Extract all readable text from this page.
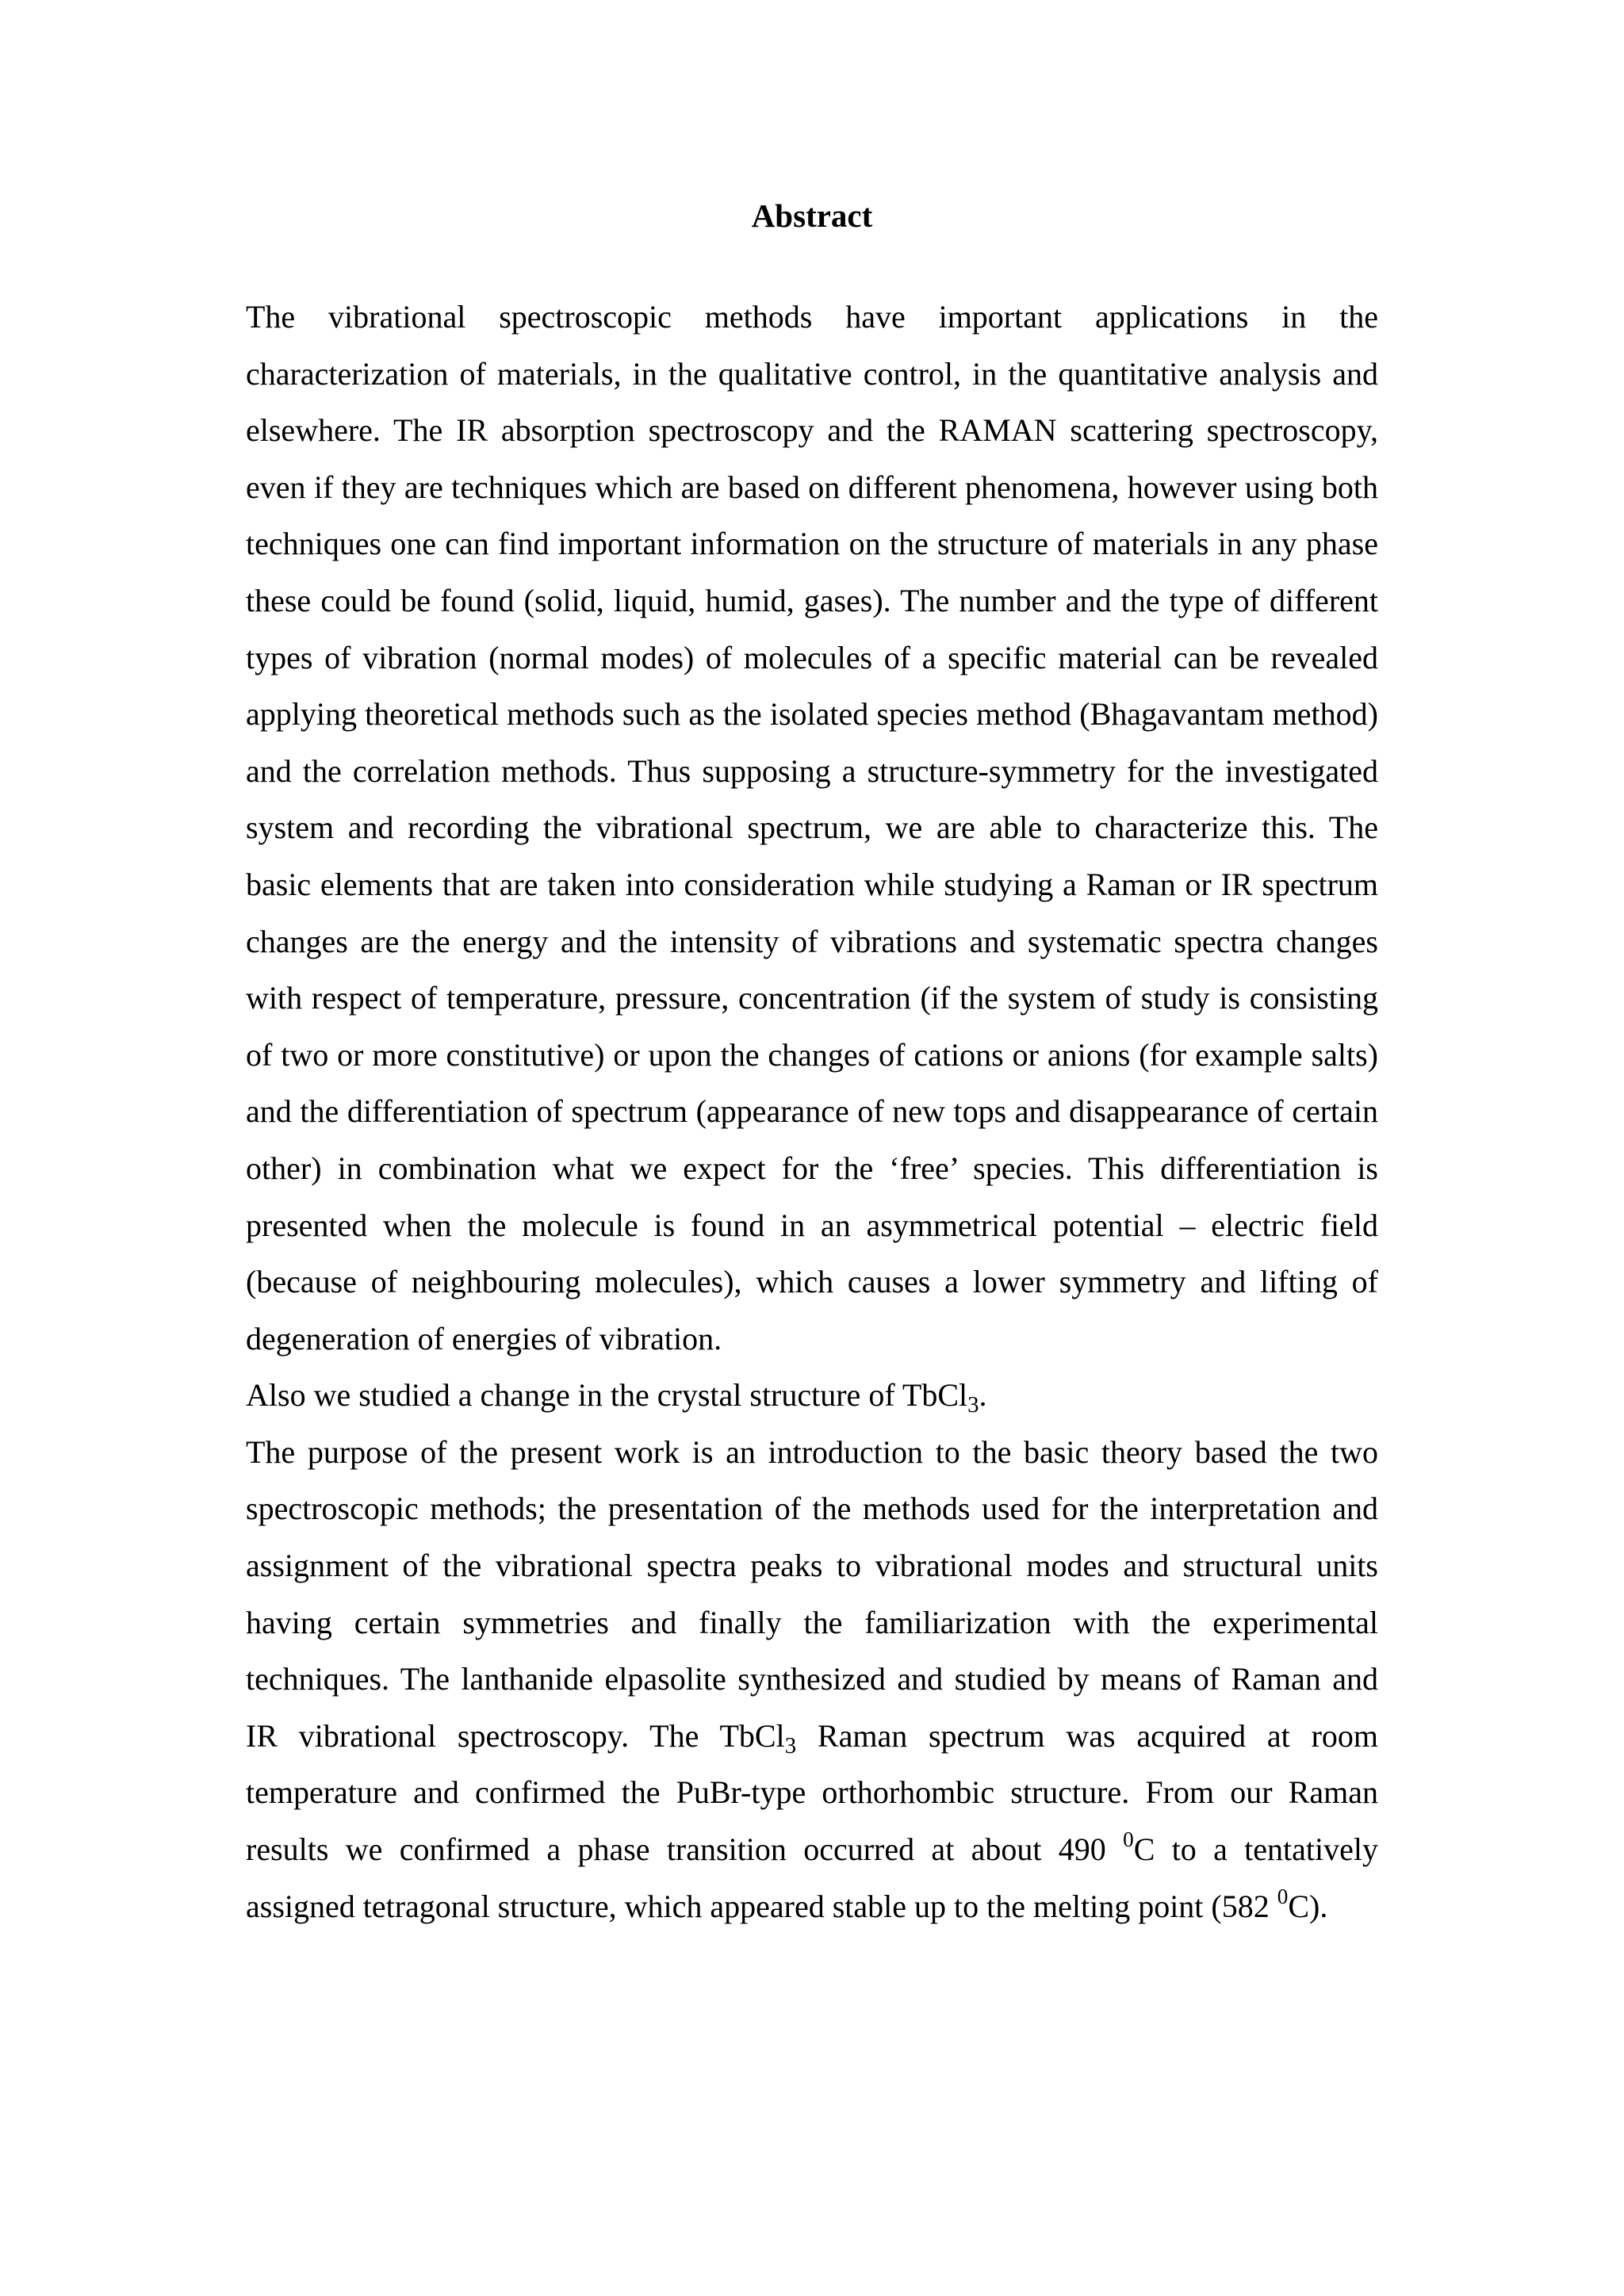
Abstract

The vibrational spectroscopic methods have important applications in the characterization of materials, in the qualitative control, in the quantitative analysis and elsewhere. The IR absorption spectroscopy and the RAMAN scattering spectroscopy, even if they are techniques which are based on different phenomena, however using both techniques one can find important information on the structure of materials in any phase these could be found (solid, liquid, humid, gases). The number and the type of different types of vibration (normal modes) of molecules of a specific material can be revealed applying theoretical methods such as the isolated species method (Bhagavantam method) and the correlation methods. Thus supposing a structure-symmetry for the investigated system and recording the vibrational spectrum, we are able to characterize this. The basic elements that are taken into consideration while studying a Raman or IR spectrum changes are the energy and the intensity of vibrations and systematic spectra changes with respect of temperature, pressure, concentration (if the system of study is consisting of two or more constitutive) or upon the changes of cations or anions (for example salts) and the differentiation of spectrum (appearance of new tops and disappearance of certain other) in combination what we expect for the ‘free’ species. This differentiation is presented when the molecule is found in an asymmetrical potential – electric field (because of neighbouring molecules), which causes a lower symmetry and lifting of degeneration of energies of vibration.

Also we studied a change in the crystal structure of TbCl$_3$.

The purpose of the present work is an introduction to the basic theory based the two spectroscopic methods; the presentation of the methods used for the interpretation and assignment of the vibrational spectra peaks to vibrational modes and structural units having certain symmetries and finally the familiarization with the experimental techniques. The lanthanide elpasolite synthesized and studied by means of Raman and IR vibrational spectroscopy. The TbCl$_3$ Raman spectrum was acquired at room temperature and confirmed the PuBr-type orthorhombic structure. From our Raman results we confirmed a phase transition occurred at about 490 $^0$C to a tentatively assigned tetragonal structure, which appeared stable up to the melting point (582 $^0$C).
